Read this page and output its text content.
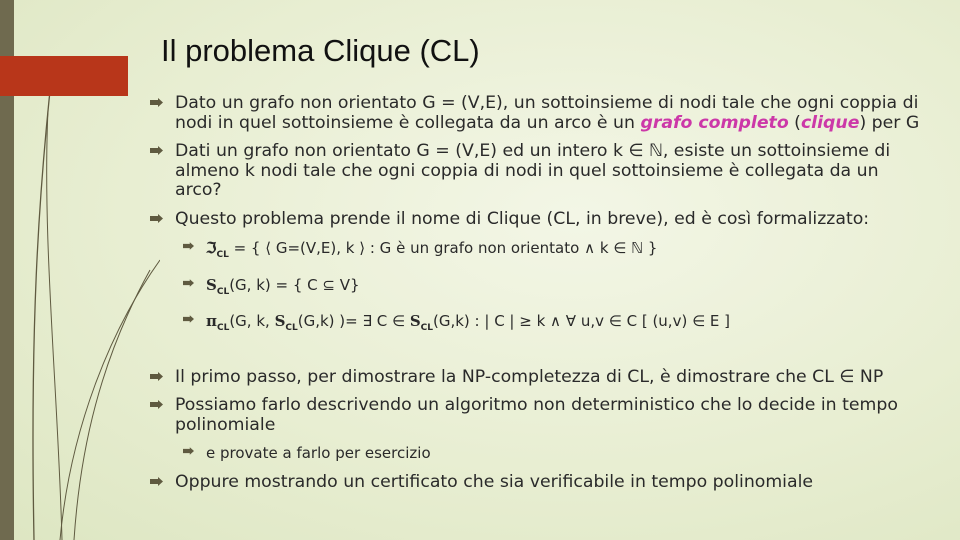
Il problema Clique (CL)
Dato un grafo non orientato G = (V,E), un sottoinsieme di nodi tale che ogni coppia di nodi in quel sottoinsieme è collegata da un arco è un grafo completo (clique) per G
Dati un grafo non orientato G = (V,E) ed un intero k ∈ ℕ, esiste un sottoinsieme di almeno k nodi tale che ogni coppia di nodi in quel sottoinsieme è collegata da un arco?
Questo problema prende il nome di Clique (CL, in breve), ed è così formalizzato:
ℑ$_{CL}$ = { ⟨ G=(V,E), k ⟩ : G è un grafo non orientato ∧ k ∈ ℕ }
$S_{CL}(G$, k) = { C ⊆ V}
$\pi_{CL}(G$, k, $S_{CL}(G,k)$ )= ∃ C ∈ $S_{CL}(G,k)$ : | C | ≥ k ∧ ∀ u,v ∈ C [ (u,v) ∈ E ]
Il primo passo, per dimostrare la NP-completezza di CL, è dimostrare che CL ∈ NP
Possiamo farlo descrivendo un algoritmo non deterministico che lo decide in tempo polinomiale
e provate a farlo per esercizio
Oppure mostrando un certificato che sia verificabile in tempo polinomiale
